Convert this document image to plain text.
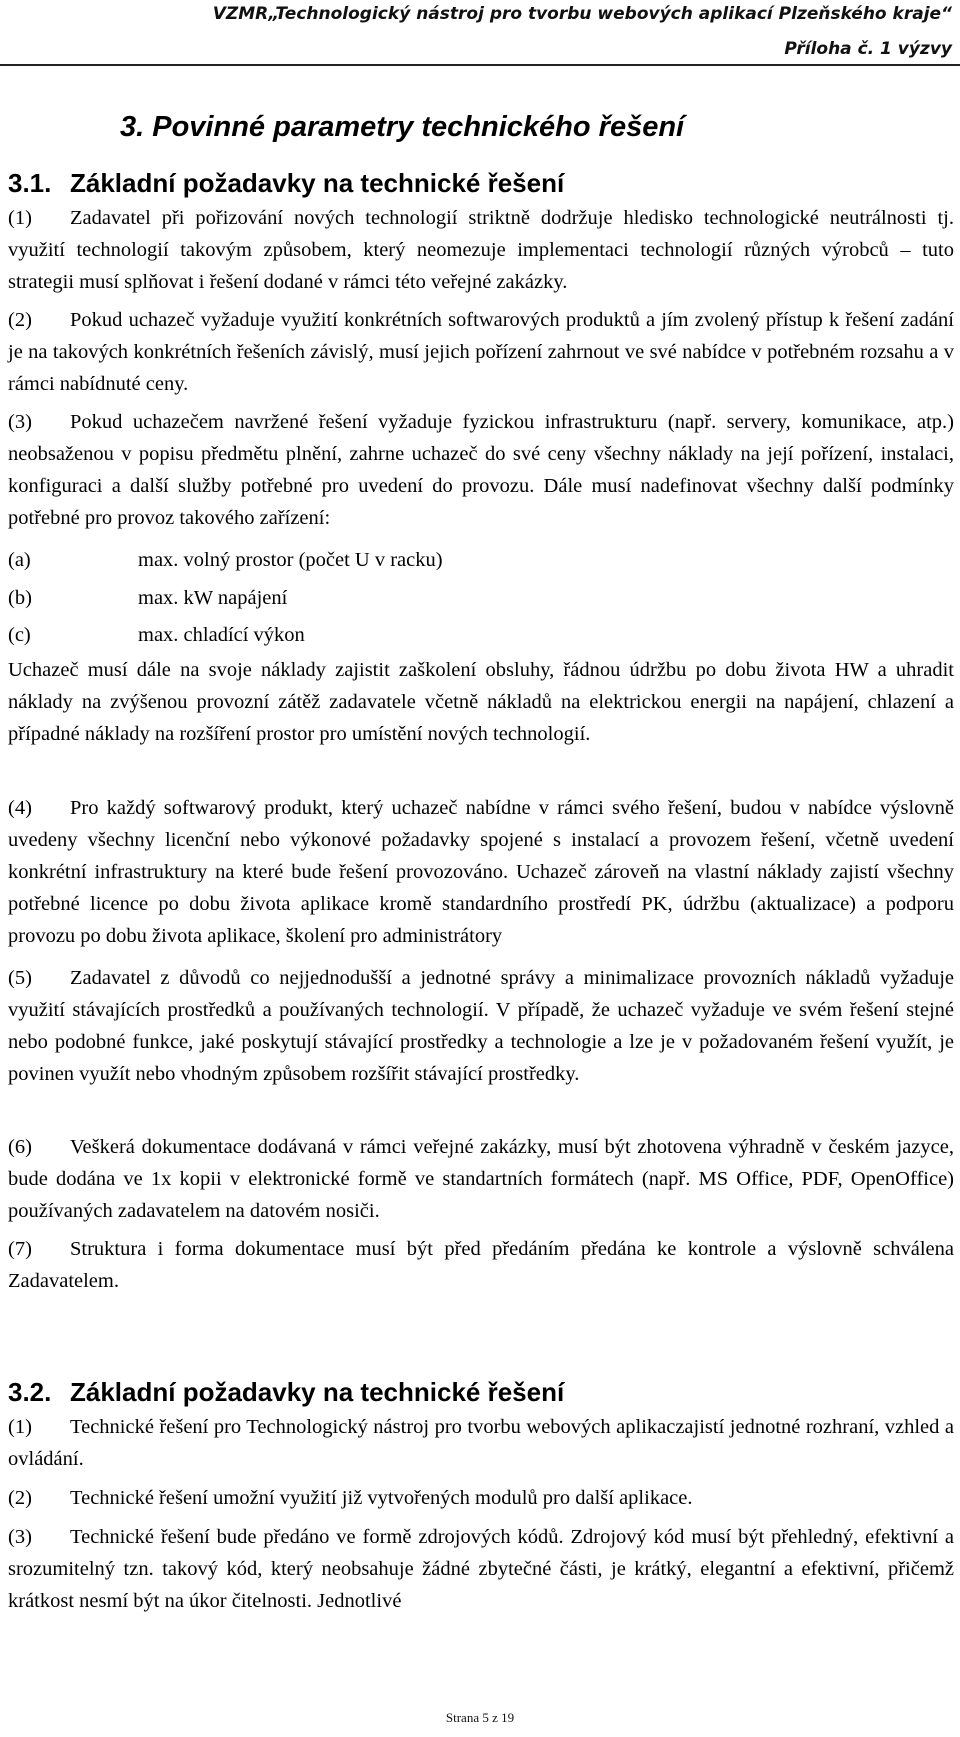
VZMR„Technologický nástroj pro tvorbu webových aplikací Plzeňského kraje“
Příloha č. 1 výzvy
3. Povinné parametry technického řešení
3.1. Základní požadavky na technické řešení
(1) Zadavatel při pořizování nových technologií striktně dodržuje hledisko technologické neutrálnosti tj. využití technologií takovým způsobem, který neomezuje implementaci technologií různých výrobců – tuto strategii musí splňovat i řešení dodané v rámci této veřejné zakázky.
(2) Pokud uchazeč vyžaduje využití konkrétních softwarových produktů a jím zvolený přístup k řešení zadání je na takových konkrétních řešeních závislý, musí jejich pořízení zahrnout ve své nabídce v potřebném rozsahu a v rámci nabídnuté ceny.
(3) Pokud uchazečem navržené řešení vyžaduje fyzickou infrastrukturu (např. servery, komunikace, atp.) neobsaženou v popisu předmětu plnění, zahrne uchazeč do své ceny všechny náklady na její pořízení, instalaci, konfiguraci a další služby potřebné pro uvedení do provozu. Dále musí nadefinovat všechny další podmínky potřebné pro provoz takového zařízení:
(a)	max. volný prostor (počet U v racku)
(b)	max. kW napájení
(c)	max. chladící výkon
Uchazeč musí dále na svoje náklady zajistit zaškolení obsluhy, řádnou údržbu po dobu života HW a uhradit náklady na zvýšenou provozní zátěž zadavatele včetně nákladů na elektrickou energii na napájení, chlazení a případné náklady na rozšíření prostor pro umístění nových technologií.
(4) Pro každý softwarový produkt, který uchazeč nabídne v rámci svého řešení, budou v nabídce výslovně uvedeny všechny licenční nebo výkonové požadavky spojené s instalací a provozem řešení, včetně uvedení konkrétní infrastruktury na které bude řešení provozováno. Uchazeč zároveň na vlastní náklady zajistí všechny potřebné licence po dobu života aplikace kromě standardního prostředí PK, údržbu (aktualizace) a podporu provozu po dobu života aplikace, školení pro administrátory
(5) Zadavatel z důvodů co nejjednodušší a jednotné správy a minimalizace provozních nákladů vyžaduje využití stávajících prostředků a používaných technologií. V případě, že uchazeč vyžaduje ve svém řešení stejné nebo podobné funkce, jaké poskytují stávající prostředky a technologie a lze je v požadovaném řešení využít, je povinen využít nebo vhodným způsobem rozšířit stávající prostředky.
(6) Veškerá dokumentace dodávaná v rámci veřejné zakázky, musí být zhotovena výhradně v českém jazyce, bude dodána ve 1x kopii v elektronické formě ve standartních formátech (např. MS Office, PDF, OpenOffice) používaných zadavatelem na datovém nosiči.
(7) Struktura i forma dokumentace musí být před předáním předána ke kontrole a výslovně schválena Zadavatelem.
3.2. Základní požadavky na technické řešení
(1) Technické řešení pro Technologický nástroj pro tvorbu webových aplikaczajistí jednotné rozhraní, vzhled a ovládání.
(2) Technické řešení umožní využití již vytvořených modulů pro další aplikace.
(3) Technické řešení bude předáno ve formě zdrojových kódů. Zdrojový kód musí být přehledný, efektivní a srozumitelný tzn. takový kód, který neobsahuje žádné zbytečné části, je krátký, elegantní a efektivní, přičemž krátkost nesmí být na úkor čitelnosti. Jednotlivé
Strana 5 z 19
